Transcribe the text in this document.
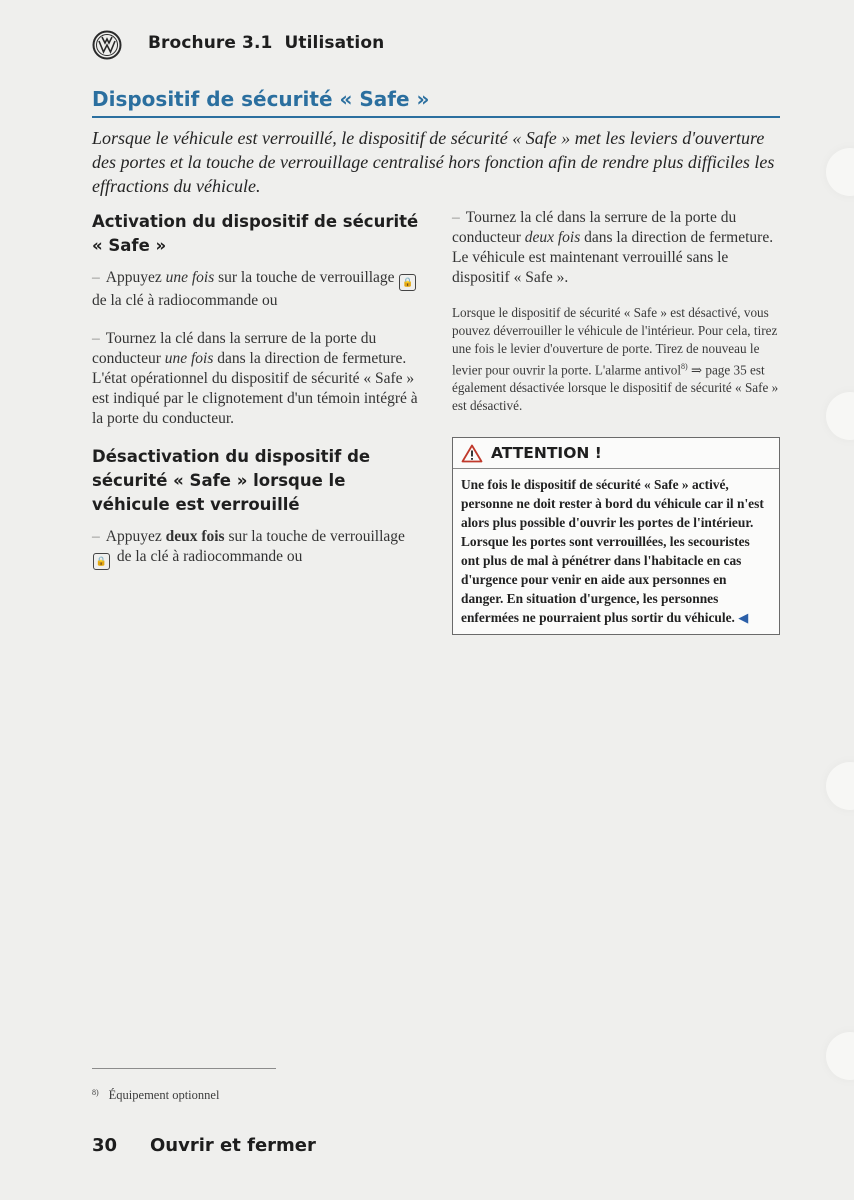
Brochure 3.1 Utilisation
Dispositif de sécurité « Safe »
Lorsque le véhicule est verrouillé, le dispositif de sécurité « Safe » met les leviers d'ouverture des portes et la touche de verrouillage centralisé hors fonction afin de rendre plus difficiles les effractions du véhicule.
Activation du dispositif de sécurité « Safe »

– Appuyez une fois sur la touche de verrouillage 🔒 de la clé à radiocommande ou

– Tournez la clé dans la serrure de la porte du conducteur une fois dans la direction de fermeture. L'état opérationnel du dispositif de sécurité « Safe » est indiqué par le clignotement d'un témoin intégré à la porte du conducteur.

Désactivation du dispositif de sécurité « Safe » lorsque le véhicule est verrouillé

– Appuyez deux fois sur la touche de verrouillage 🔒 de la clé à radiocommande ou

– Tournez la clé dans la serrure de la porte du conducteur deux fois dans la direction de fermeture. Le véhicule est maintenant verrouillé sans le dispositif « Safe ».

Lorsque le dispositif de sécurité « Safe » est désactivé, vous pouvez déverrouiller le véhicule de l'intérieur. Pour cela, tirez une fois le levier d'ouverture de porte. Tirez de nouveau le levier pour ouvrir la porte. L'alarme antivol$^{8)}$ ⇒ page 35 est également désactivée lorsque le dispositif de sécurité « Safe » est désactivé.

ATTENTION !
Une fois le dispositif de sécurité « Safe » activé, personne ne doit rester à bord du véhicule car il n'est alors plus possible d'ouvrir les portes de l'intérieur. Lorsque les portes sont verrouillées, les secouristes ont plus de mal à pénétrer dans l'habitacle en cas d'urgence pour venir en aide aux personnes en danger. En situation d'urgence, les personnes enfermées ne pourraient plus sortir du véhicule. ◀
$^{8)}$ Équipement optionnel
30 Ouvrir et fermer
